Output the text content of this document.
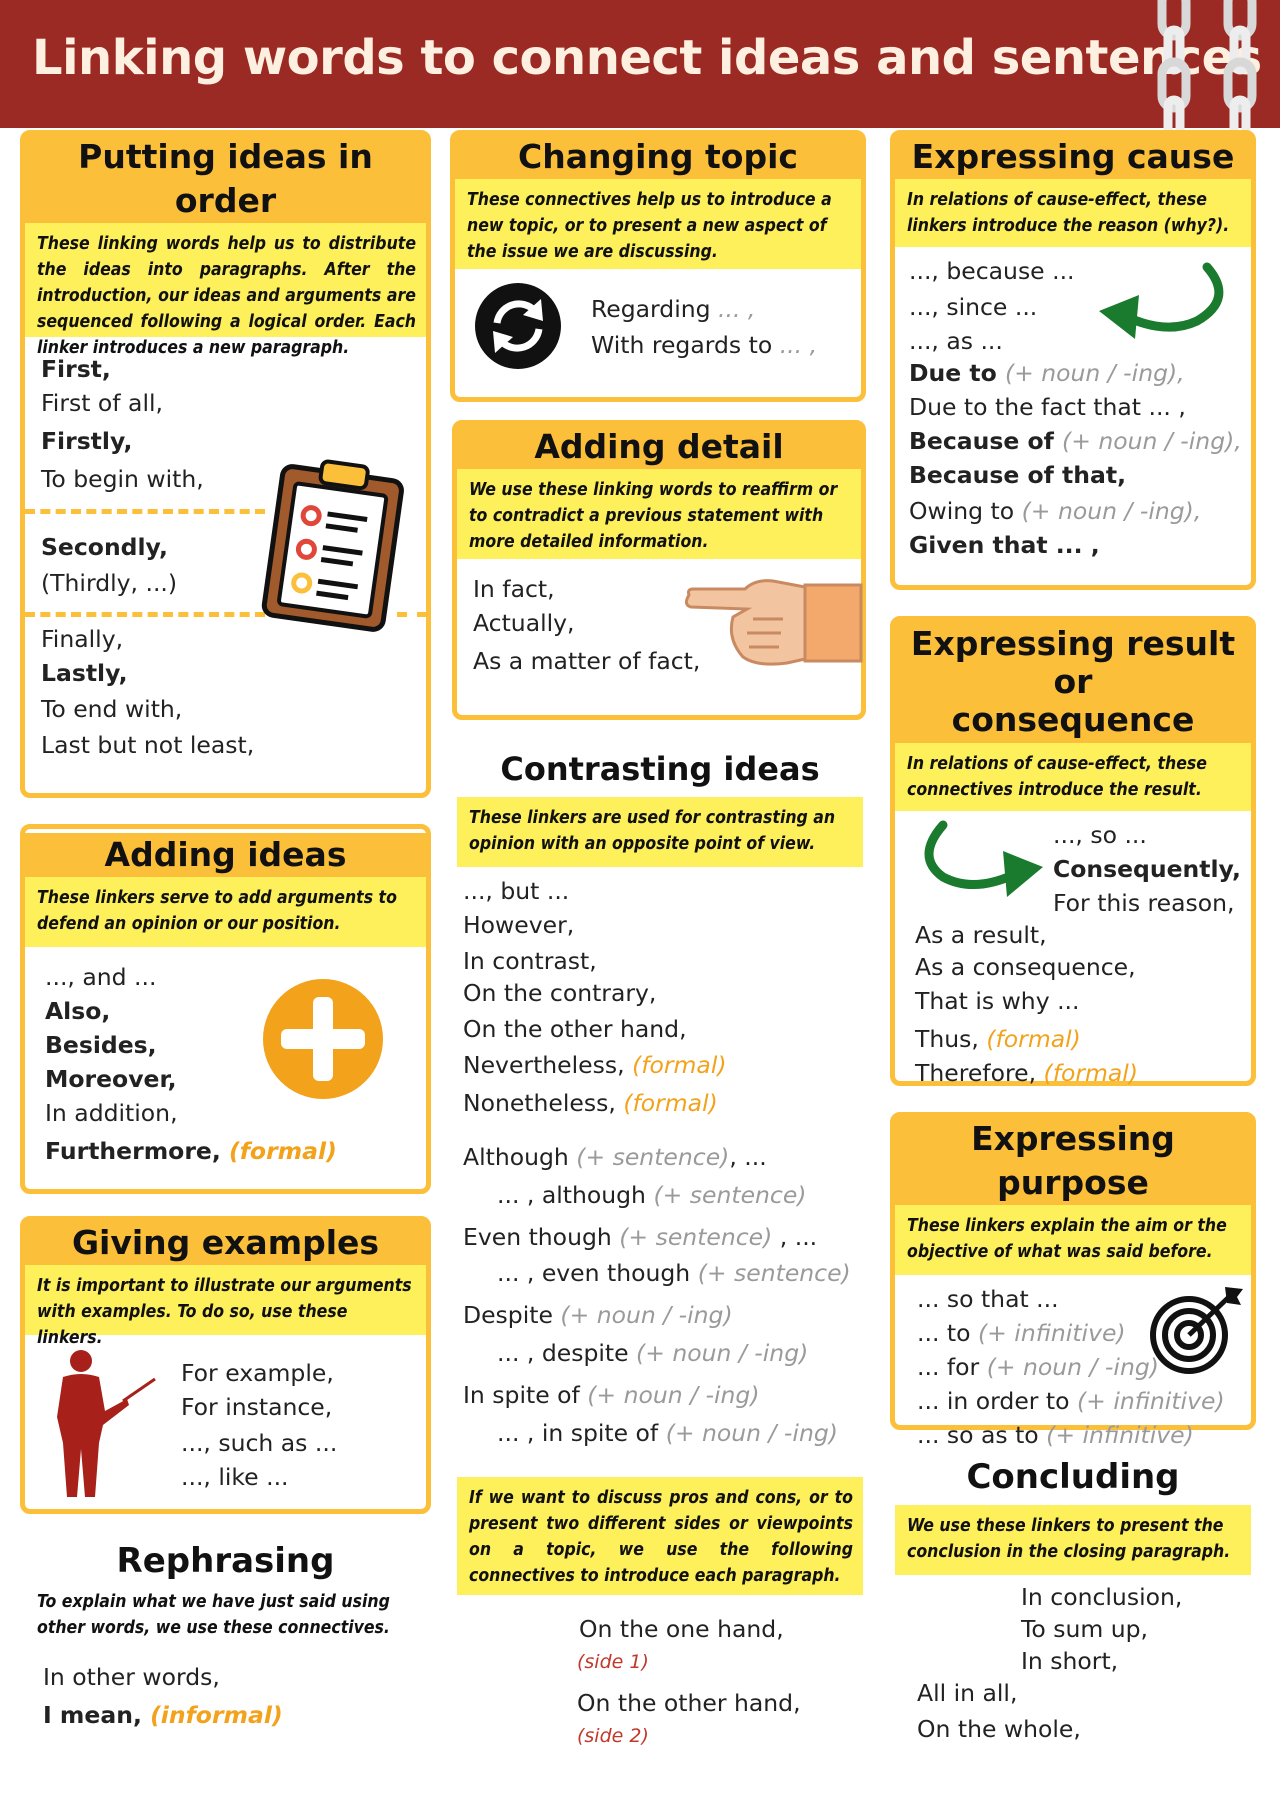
Linking words to connect ideas and sentences
Putting ideas in order
These linking words help us to distribute the ideas into paragraphs. After the introduction, our ideas and arguments are sequenced following a logical order. Each linker introduces a new paragraph.
First,
First of all,
Firstly,
To begin with,
Secondly,
(Thirdly, ...)
Finally,
Lastly,
To end with,
Last but not least,
Adding ideas
These linkers serve to add arguments to defend an opinion or our position.
..., and ...
Also,
Besides,
Moreover,
In addition,
Furthermore, (formal)
Giving examples
It is important to illustrate our arguments with examples. To do so, use these linkers.
For example,
For instance,
..., such as ...
..., like ...
Rephrasing
To explain what we have just said using other words, we use these connectives.
In other words,
I mean, (informal)
Changing topic
These connectives help us to introduce a new topic, or to present a new aspect of the issue we are discussing.
Regarding ... ,
With regards to ... ,
Adding detail
We use these linking words to reaffirm or to contradict a previous statement with more detailed information.
In fact,
Actually,
As a matter of fact,
Contrasting ideas
These linkers are used for contrasting an opinion with an opposite point of view.
..., but ...
However,
In contrast,
On the contrary,
On the other hand,
Nevertheless, (formal)
Nonetheless, (formal)
Although (+ sentence), ...
... , although (+ sentence)
Even though (+ sentence) , ...
... , even though (+ sentence)
Despite (+ noun / -ing)
... , despite (+ noun / -ing)
In spite of (+ noun / -ing)
... , in spite of (+ noun / -ing)
If we want to discuss pros and cons, or to present two different sides or viewpoints on a topic, we use the following connectives to introduce each paragraph.
On the one hand,
(side 1)
On the other hand,
(side 2)
Expressing cause
In relations of cause-effect, these linkers introduce the reason (why?).
..., because ...
..., since ...
..., as ...
Due to (+ noun / -ing),
Due to the fact that ... ,
Because of (+ noun / -ing),
Because of that,
Owing to (+ noun / -ing),
Given that ... ,
Expressing result or
consequence
In relations of cause-effect, these connectives introduce the result.
..., so ...
Consequently,
For this reason,
As a result,
As a consequence,
That is why ...
Thus, (formal)
Therefore, (formal)
Expressing purpose
These linkers explain the aim or the objective of what was said before.
... so that ...
... to (+ infinitive)
... for (+ noun / -ing)
... in order to (+ infinitive)
... so as to (+ infinitive)
Concluding
We use these linkers to present the conclusion in the closing paragraph.
In conclusion,
To sum up,
In short,
All in all,
On the whole,
